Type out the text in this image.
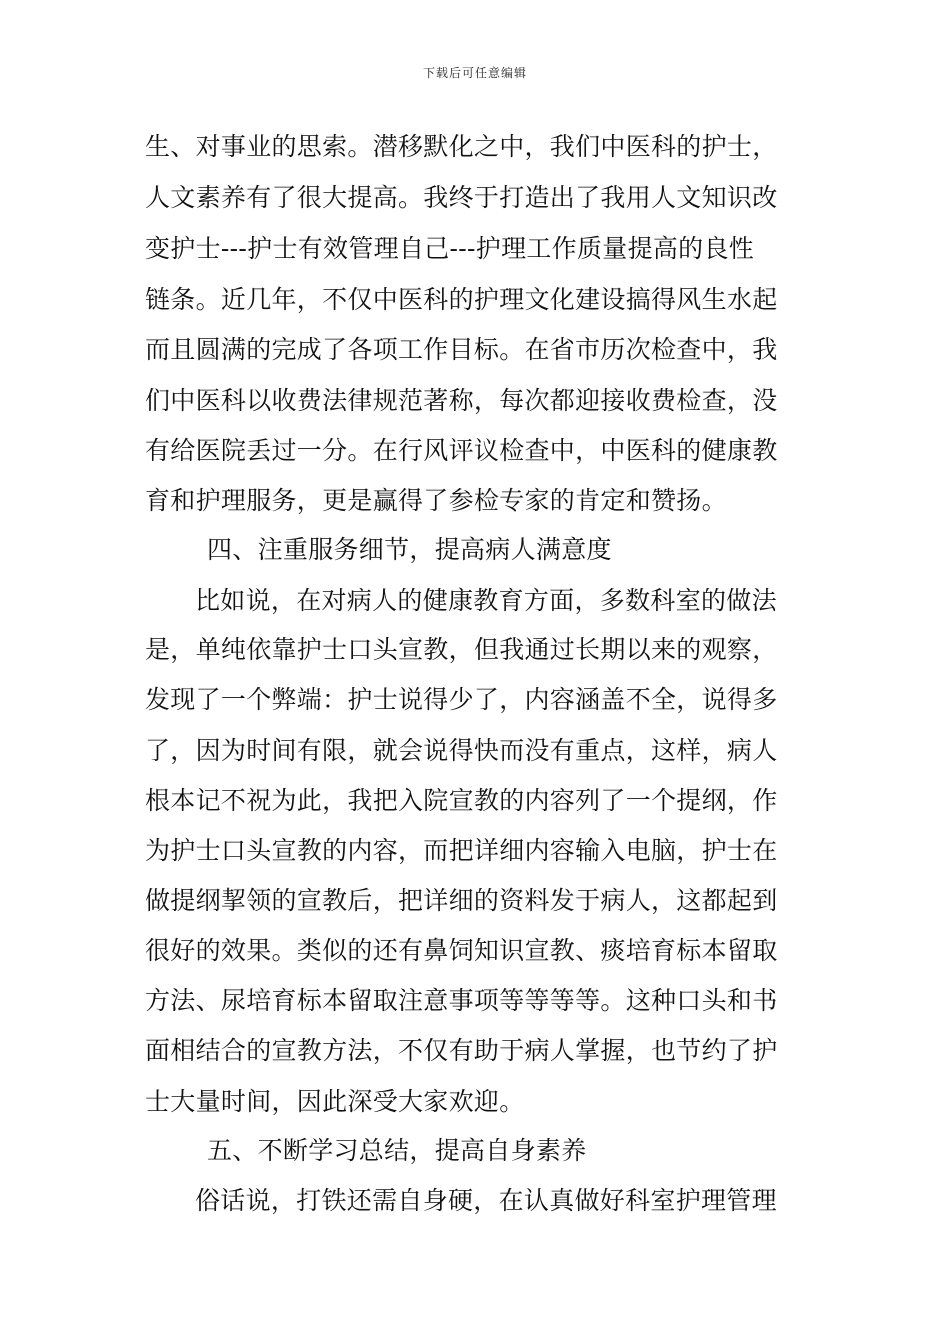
下载后可任意编辑
生、对事业的思索。潜移默化之中，我们中医科的护士，
人文素养有了很大提高。我终于打造出了我用人文知识改
变护士---护士有效管理自己---护理工作质量提高的良性
链条。近几年，不仅中医科的护理文化建设搞得风生水起
而且圆满的完成了各项工作目标。在省市历次检查中，我
们中医科以收费法律规范著称，每次都迎接收费检查，没
有给医院丢过一分。在行风评议检查中，中医科的健康教
育和护理服务，更是赢得了参检专家的肯定和赞扬。
四、注重服务细节，提高病人满意度
比如说，在对病人的健康教育方面，多数科室的做法
是，单纯依靠护士口头宣教，但我通过长期以来的观察，
发现了一个弊端：护士说得少了，内容涵盖不全，说得多
了，因为时间有限，就会说得快而没有重点，这样，病人
根本记不祝为此，我把入院宣教的内容列了一个提纲，作
为护士口头宣教的内容，而把详细内容输入电脑，护士在
做提纲挈领的宣教后，把详细的资料发于病人，这都起到
很好的效果。类似的还有鼻饲知识宣教、痰培育标本留取
方法、尿培育标本留取注意事项等等等等。这种口头和书
面相结合的宣教方法，不仅有助于病人掌握，也节约了护
士大量时间，因此深受大家欢迎。
五、不断学习总结，提高自身素养
俗话说，打铁还需自身硬，在认真做好科室护理管理
